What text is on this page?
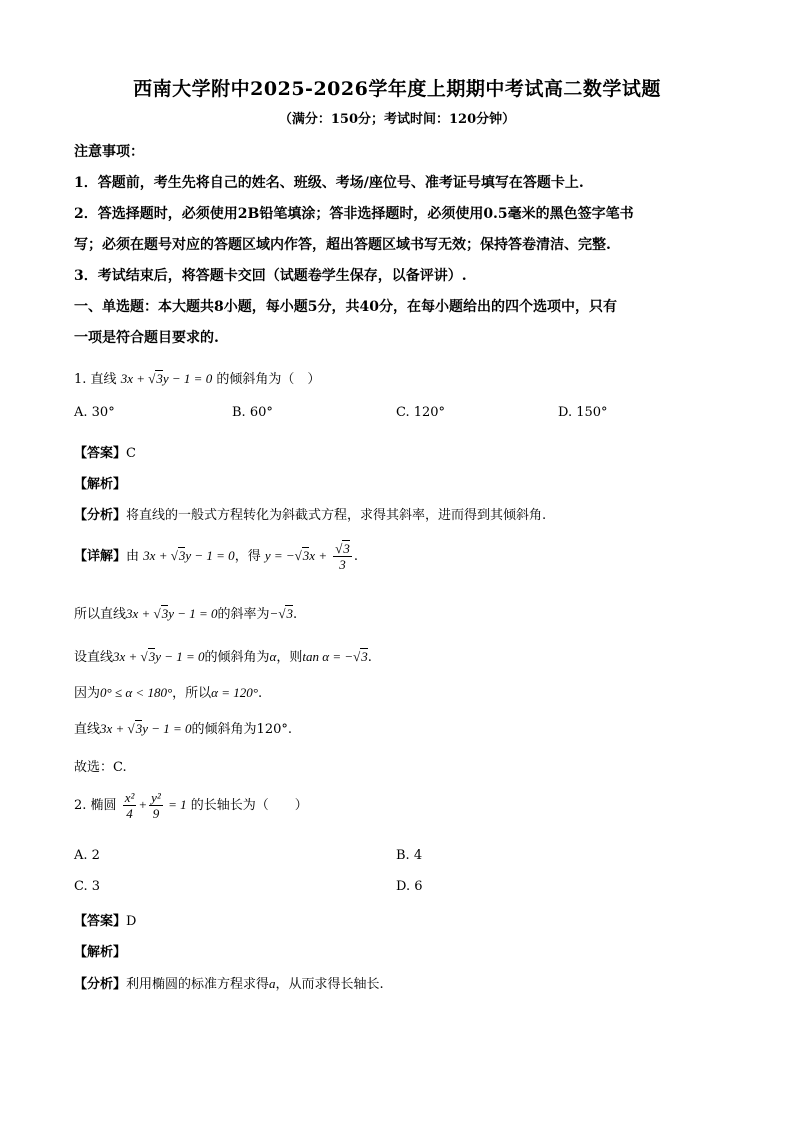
西南大学附中2025-2026学年度上期期中考试高二数学试题
（满分：150分；考试时间：120分钟）
注意事项：
1．答题前，考生先将自己的姓名、班级、考场/座位号、准考证号填写在答题卡上.
2．答选择题时，必须使用2B铅笔填涂；答非选择题时，必须使用0.5毫米的黑色签字笔书
写；必须在题号对应的答题区域内作答，超出答题区域书写无效；保持答卷清洁、完整.
3．考试结束后，将答题卡交回（试题卷学生保存，以备评讲）.
一、单选题：本大题共8小题，每小题5分，共40分，在每小题给出的四个选项中，只有
一项是符合题目要求的.
1. 直线 3x + √3y − 1 = 0 的倾斜角为（　）
A. 30°	B. 60°	C. 120°	D. 150°
【答案】C
【解析】
【分析】将直线的一般式方程转化为斜截式方程，求得其斜率，进而得到其倾斜角.
【详解】由 3x + √3y − 1 = 0，得 $y = -√3x + \frac{√3}{3}$ .
所以直线3x + √3y − 1 = 0的斜率为−√3.
设直线3x + √3y − 1 = 0的倾斜角为α，则tan α = −√3.
因为0° ≤ α < 180°，所以α = 120°.
直线3x + √3y − 1 = 0的倾斜角为120°.
故选：C.
2. 椭圆 $\frac{\text{x²}}{4} + \frac{\text{y²}}{9} = 1$ 的长轴长为（　　）
A. 2	B. 4
C. 3	D. 6
【答案】D
【解析】
【分析】利用椭圆的标准方程求得a，从而求得长轴长.
